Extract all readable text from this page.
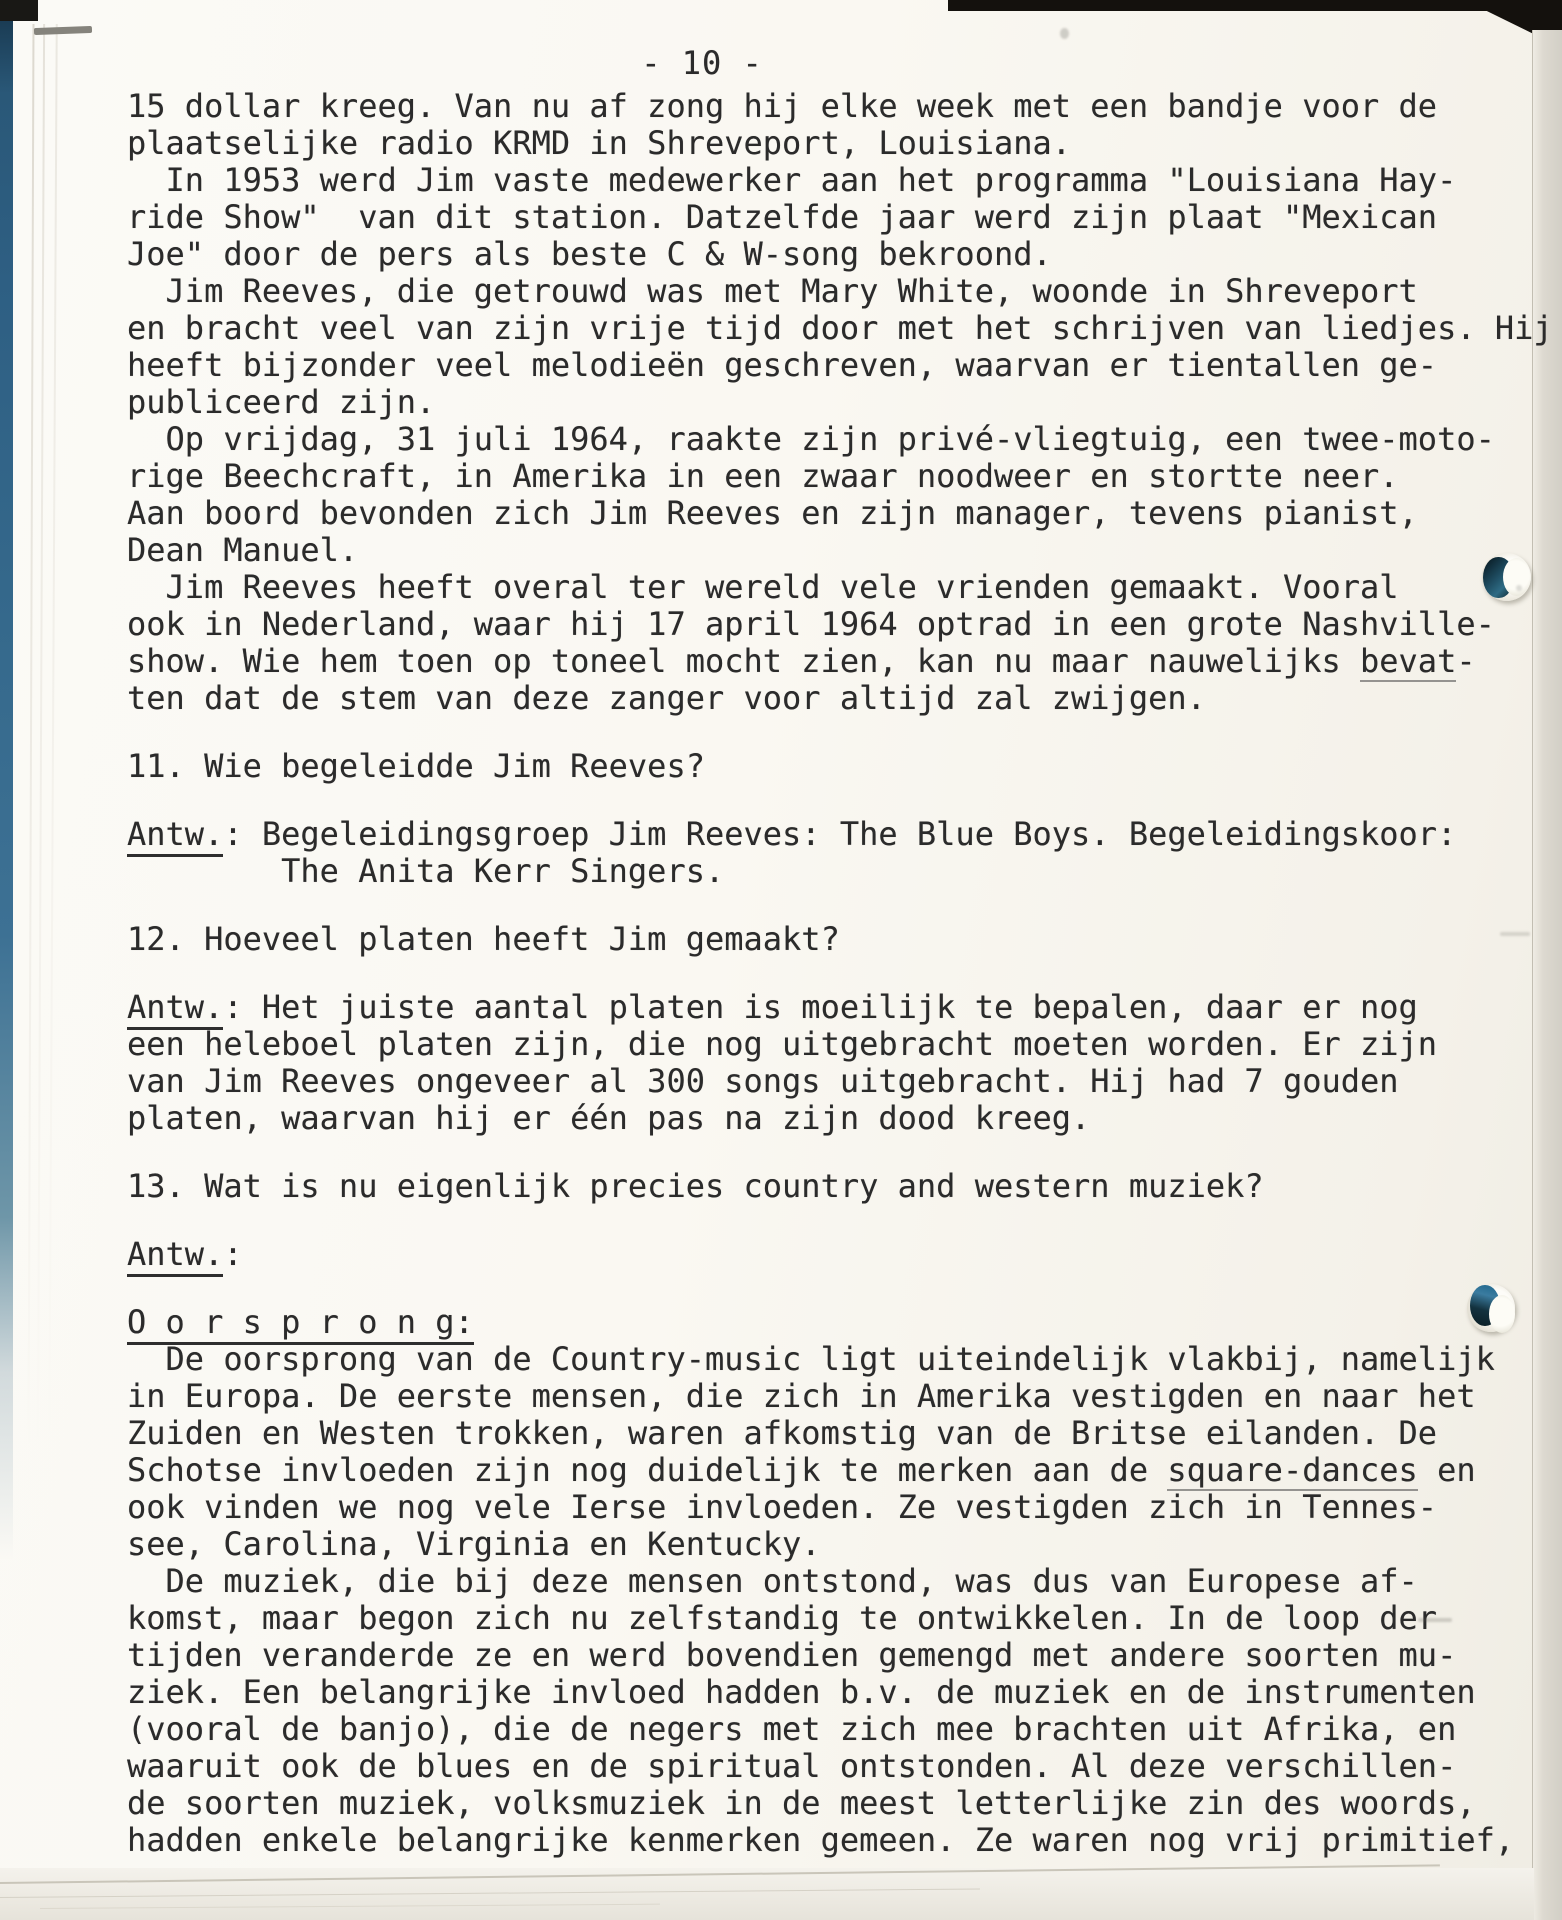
- 10 -
15 dollar kreeg. Van nu af zong hij elke week met een bandje voor de
plaatselijke radio KRMD in Shreveport, Louisiana.
In 1953 werd Jim vaste medewerker aan het programma "Louisiana Hay-
ride Show"  van dit station. Datzelfde jaar werd zijn plaat "Mexican
Joe" door de pers als beste C & W-song bekroond.
Jim Reeves, die getrouwd was met Mary White, woonde in Shreveport
en bracht veel van zijn vrije tijd door met het schrijven van liedjes. Hij
heeft bijzonder veel melodieën geschreven, waarvan er tientallen ge-
publiceerd zijn.
Op vrijdag, 31 juli 1964, raakte zijn privé-vliegtuig, een twee-moto-
rige Beechcraft, in Amerika in een zwaar noodweer en stortte neer.
Aan boord bevonden zich Jim Reeves en zijn manager, tevens pianist,
Dean Manuel.
Jim Reeves heeft overal ter wereld vele vrienden gemaakt. Vooral
ook in Nederland, waar hij 17 april 1964 optrad in een grote Nashville-
show. Wie hem toen op toneel mocht zien, kan nu maar nauwelijks bevat-
ten dat de stem van deze zanger voor altijd zal zwijgen.
11. Wie begeleidde Jim Reeves?
Antw.: Begeleidingsgroep Jim Reeves: The Blue Boys. Begeleidingskoor:
The Anita Kerr Singers.
12. Hoeveel platen heeft Jim gemaakt?
Antw.: Het juiste aantal platen is moeilijk te bepalen, daar er nog
een heleboel platen zijn, die nog uitgebracht moeten worden. Er zijn
van Jim Reeves ongeveer al 300 songs uitgebracht. Hij had 7 gouden
platen, waarvan hij er één pas na zijn dood kreeg.
13. Wat is nu eigenlijk precies country and western muziek?
Antw.:
O o r s p r o n g:
De oorsprong van de Country-music ligt uiteindelijk vlakbij, namelijk
in Europa. De eerste mensen, die zich in Amerika vestigden en naar het
Zuiden en Westen trokken, waren afkomstig van de Britse eilanden. De
Schotse invloeden zijn nog duidelijk te merken aan de square-dances en
ook vinden we nog vele Ierse invloeden. Ze vestigden zich in Tennes-
see, Carolina, Virginia en Kentucky.
De muziek, die bij deze mensen ontstond, was dus van Europese af-
komst, maar begon zich nu zelfstandig te ontwikkelen. In de loop der
tijden veranderde ze en werd bovendien gemengd met andere soorten mu-
ziek. Een belangrijke invloed hadden b.v. de muziek en de instrumenten
(vooral de banjo), die de negers met zich mee brachten uit Afrika, en
waaruit ook de blues en de spiritual ontstonden. Al deze verschillen-
de soorten muziek, volksmuziek in de meest letterlijke zin des woords,
hadden enkele belangrijke kenmerken gemeen. Ze waren nog vrij primitief,
